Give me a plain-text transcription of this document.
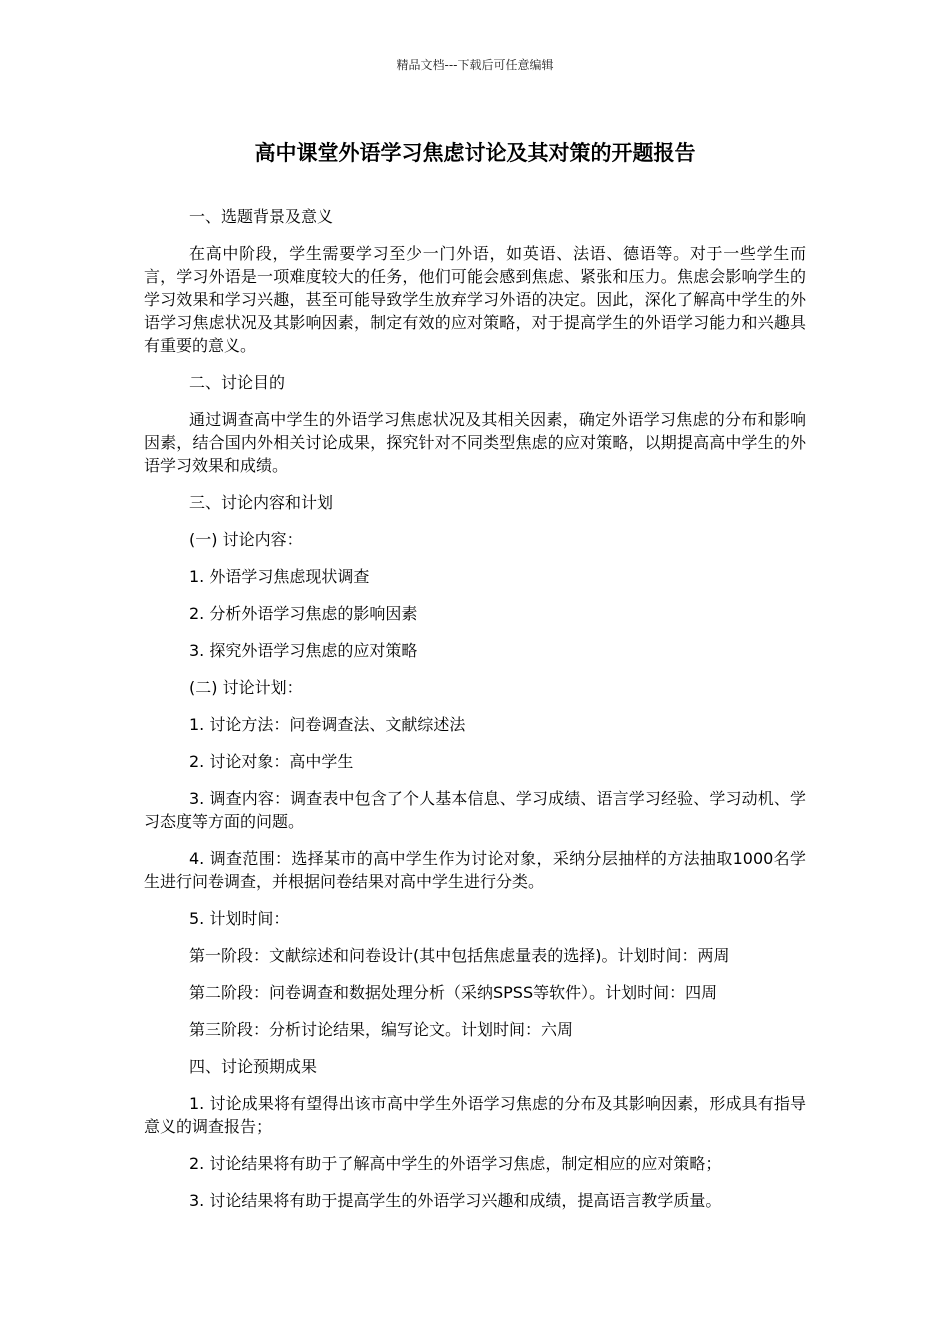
精品文档---下载后可任意编辑
高中课堂外语学习焦虑讨论及其对策的开题报告

一、选题背景及意义

在高中阶段，学生需要学习至少一门外语，如英语、法语、德语等。对于一些学生而言，学习外语是一项难度较大的任务，他们可能会感到焦虑、紧张和压力。焦虑会影响学生的学习效果和学习兴趣，甚至可能导致学生放弃学习外语的决定。因此，深化了解高中学生的外语学习焦虑状况及其影响因素，制定有效的应对策略，对于提高学生的外语学习能力和兴趣具有重要的意义。

二、讨论目的

通过调查高中学生的外语学习焦虑状况及其相关因素，确定外语学习焦虑的分布和影响因素，结合国内外相关讨论成果，探究针对不同类型焦虑的应对策略，以期提高高中学生的外语学习效果和成绩。

三、讨论内容和计划

(一) 讨论内容：

1. 外语学习焦虑现状调查

2. 分析外语学习焦虑的影响因素

3. 探究外语学习焦虑的应对策略

(二) 讨论计划：

1. 讨论方法：问卷调查法、文献综述法

2. 讨论对象：高中学生

3. 调查内容：调查表中包含了个人基本信息、学习成绩、语言学习经验、学习动机、学习态度等方面的问题。

4. 调查范围：选择某市的高中学生作为讨论对象，采纳分层抽样的方法抽取1000名学生进行问卷调查，并根据问卷结果对高中学生进行分类。

5. 计划时间：

第一阶段：文献综述和问卷设计(其中包括焦虑量表的选择)。计划时间：两周

第二阶段：问卷调查和数据处理分析（采纳SPSS等软件）。计划时间：四周

第三阶段：分析讨论结果，编写论文。计划时间：六周

四、讨论预期成果

1. 讨论成果将有望得出该市高中学生外语学习焦虑的分布及其影响因素，形成具有指导意义的调查报告；

2. 讨论结果将有助于了解高中学生的外语学习焦虑，制定相应的应对策略；

3. 讨论结果将有助于提高学生的外语学习兴趣和成绩，提高语言教学质量。
